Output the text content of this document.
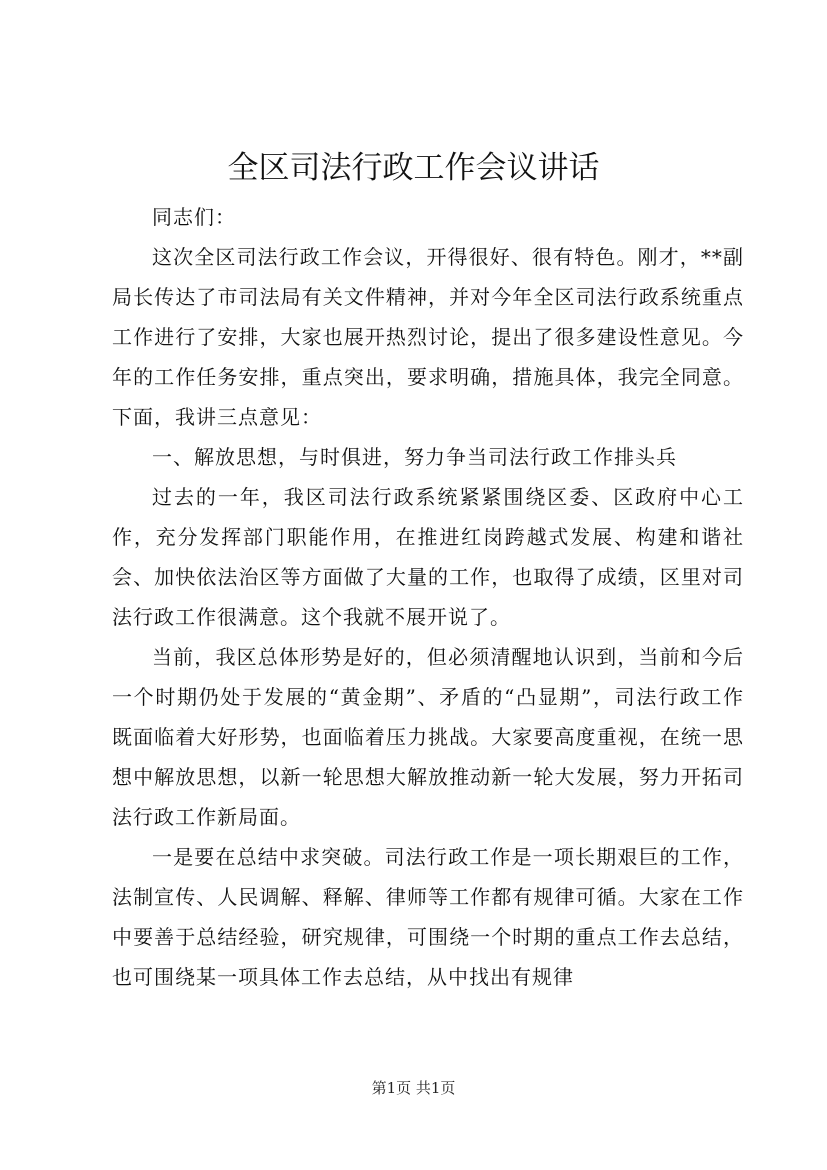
全区司法行政工作会议讲话

同志们：

这次全区司法行政工作会议，开得很好、很有特色。刚才，**副局长传达了市司法局有关文件精神，并对今年全区司法行政系统重点工作进行了安排，大家也展开热烈讨论，提出了很多建设性意见。今年的工作任务安排，重点突出，要求明确，措施具体，我完全同意。下面，我讲三点意见：

一、解放思想，与时俱进，努力争当司法行政工作排头兵

过去的一年，我区司法行政系统紧紧围绕区委、区政府中心工作，充分发挥部门职能作用，在推进红岗跨越式发展、构建和谐社会、加快依法治区等方面做了大量的工作，也取得了成绩，区里对司法行政工作很满意。这个我就不展开说了。

当前，我区总体形势是好的，但必须清醒地认识到，当前和今后一个时期仍处于发展的“黄金期”、矛盾的“凸显期”，司法行政工作既面临着大好形势，也面临着压力挑战。大家要高度重视，在统一思想中解放思想，以新一轮思想大解放推动新一轮大发展，努力开拓司法行政工作新局面。

一是要在总结中求突破。司法行政工作是一项长期艰巨的工作，法制宣传、人民调解、释解、律师等工作都有规律可循。大家在工作中要善于总结经验，研究规律，可围绕一个时期的重点工作去总结，也可围绕某一项具体工作去总结，从中找出有规律

第1页 共1页
